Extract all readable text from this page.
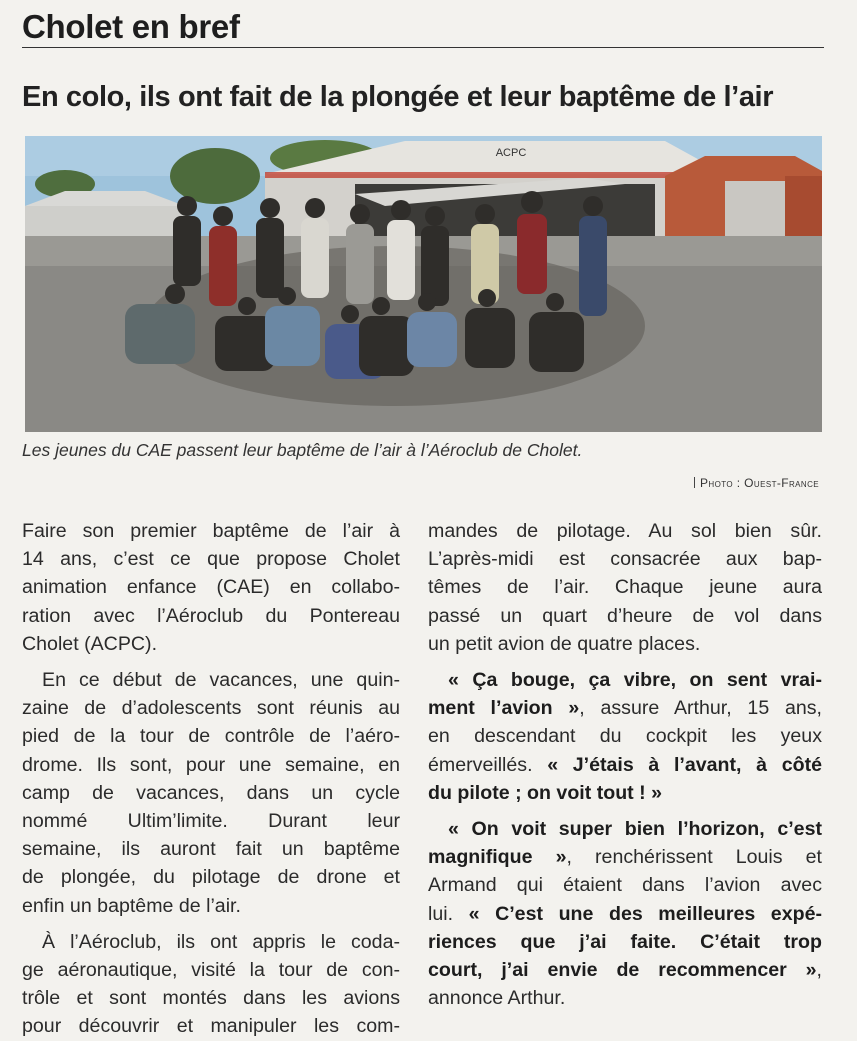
Cholet en bref
En colo, ils ont fait de la plongée et leur baptême de l’air
ACPC
Les jeunes du CAE passent leur baptême de l’air à l’Aéroclub de Cholet.
Photo : Ouest-France
Faire son premier baptême de l’air à
14 ans, c’est ce que propose Cholet
animation enfance (CAE) en collabo-
ration avec l’Aéroclub du Pontereau
Cholet (ACPC).
En ce début de vacances, une quin-
zaine de d’adolescents sont réunis au
pied de la tour de contrôle de l’aéro-
drome. Ils sont, pour une semaine, en
camp de vacances, dans un cycle
nommé Ultim’limite. Durant leur
semaine, ils auront fait un baptême
de plongée, du pilotage de drone et
enfin un baptême de l’air.
À l’Aéroclub, ils ont appris le coda-
ge aéronautique, visité la tour de con-
trôle et sont montés dans les avions
pour découvrir et manipuler les com-
mandes de pilotage. Au sol bien sûr.
L’après-midi est consacrée aux bap-
têmes de l’air. Chaque jeune aura
passé un quart d’heure de vol dans
un petit avion de quatre places.
« Ça bouge, ça vibre, on sent vrai-
ment l’avion », assure Arthur, 15 ans,
en descendant du cockpit les yeux
émerveillés. « J’étais à l’avant, à côté
du pilote ; on voit tout ! »
« On voit super bien l’horizon, c’est
magnifique », renchérissent Louis et
Armand qui étaient dans l’avion avec
lui. « C’est une des meilleures expé-
riences que j’ai faite. C’était trop
court, j’ai envie de recommencer »,
annonce Arthur.
